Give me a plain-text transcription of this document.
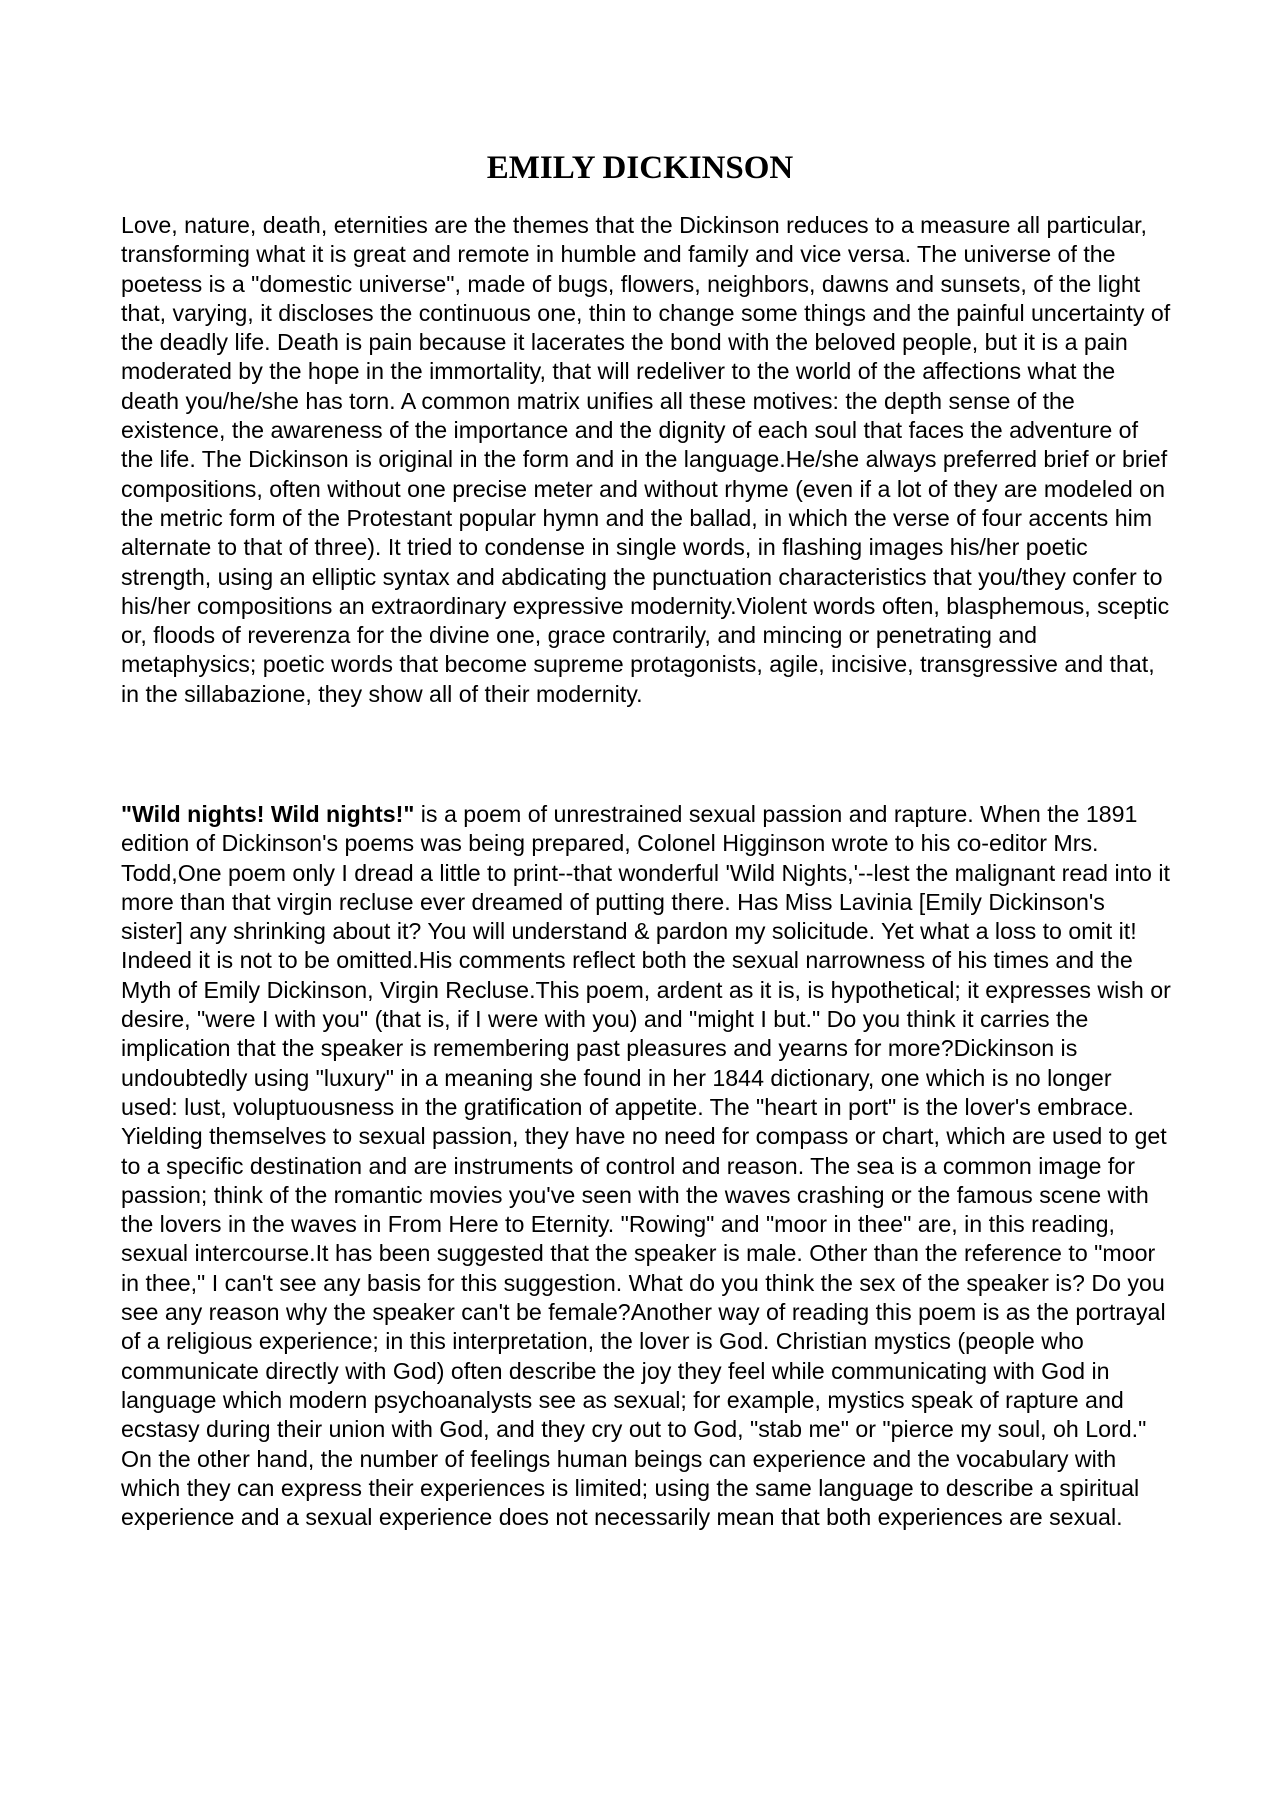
EMILY DICKINSON

Love, nature, death, eternities are the themes that the Dickinson reduces to a measure all particular, transforming what it is great and remote in humble and family and vice versa. The universe of the poetess is a "domestic universe", made of bugs, flowers, neighbors, dawns and sunsets, of the light that, varying, it discloses the continuous one, thin to change some things and the painful uncertainty of the deadly life. Death is pain because it lacerates the bond with the beloved people, but it is a pain moderated by the hope in the immortality, that will redeliver to the world of the affections what the death you/he/she has torn. A common matrix unifies all these motives: the depth sense of the existence, the awareness of the importance and the dignity of each soul that faces the adventure of the life. The Dickinson is original in the form and in the language.He/she always preferred brief or brief compositions, often without one precise meter and without rhyme (even if a lot of they are modeled on the metric form of the Protestant popular hymn and the ballad, in which the verse of four accents him alternate to that of three). It tried to condense in single words, in flashing images his/her poetic strength, using an elliptic syntax and abdicating the punctuation characteristics that you/they confer to his/her compositions an extraordinary expressive modernity.Violent words often, blasphemous, sceptic or, floods of reverenza for the divine one, grace contrarily, and mincing or penetrating and metaphysics; poetic words that become supreme protagonists, agile, incisive, transgressive and that, in the sillabazione, they show all of their modernity.

"Wild nights! Wild nights!" is a poem of unrestrained sexual passion and rapture. When the 1891 edition of Dickinson's poems was being prepared, Colonel Higginson wrote to his co-editor Mrs. Todd,One poem only I dread a little to print--that wonderful 'Wild Nights,'--lest the malignant read into it more than that virgin recluse ever dreamed of putting there. Has Miss Lavinia [Emily Dickinson's sister] any shrinking about it? You will understand & pardon my solicitude. Yet what a loss to omit it! Indeed it is not to be omitted.His comments reflect both the sexual narrowness of his times and the Myth of Emily Dickinson, Virgin Recluse.This poem, ardent as it is, is hypothetical; it expresses wish or desire, "were I with you" (that is, if I were with you) and "might I but." Do you think it carries the implication that the speaker is remembering past pleasures and yearns for more?Dickinson is undoubtedly using "luxury" in a meaning she found in her 1844 dictionary, one which is no longer used: lust, voluptuousness in the gratification of appetite. The "heart in port" is the lover's embrace. Yielding themselves to sexual passion, they have no need for compass or chart, which are used to get to a specific destination and are instruments of control and reason. The sea is a common image for passion; think of the romantic movies you've seen with the waves crashing or the famous scene with the lovers in the waves in From Here to Eternity. "Rowing" and "moor in thee" are, in this reading, sexual intercourse.It has been suggested that the speaker is male. Other than the reference to "moor in thee," I can't see any basis for this suggestion. What do you think the sex of the speaker is? Do you see any reason why the speaker can't be female?Another way of reading this poem is as the portrayal of a religious experience; in this interpretation, the lover is God. Christian mystics (people who communicate directly with God) often describe the joy they feel while communicating with God in language which modern psychoanalysts see as sexual; for example, mystics speak of rapture and ecstasy during their union with God, and they cry out to God, "stab me" or "pierce my soul, oh Lord." On the other hand, the number of feelings human beings can experience and the vocabulary with which they can express their experiences is limited; using the same language to describe a spiritual experience and a sexual experience does not necessarily mean that both experiences are sexual.
